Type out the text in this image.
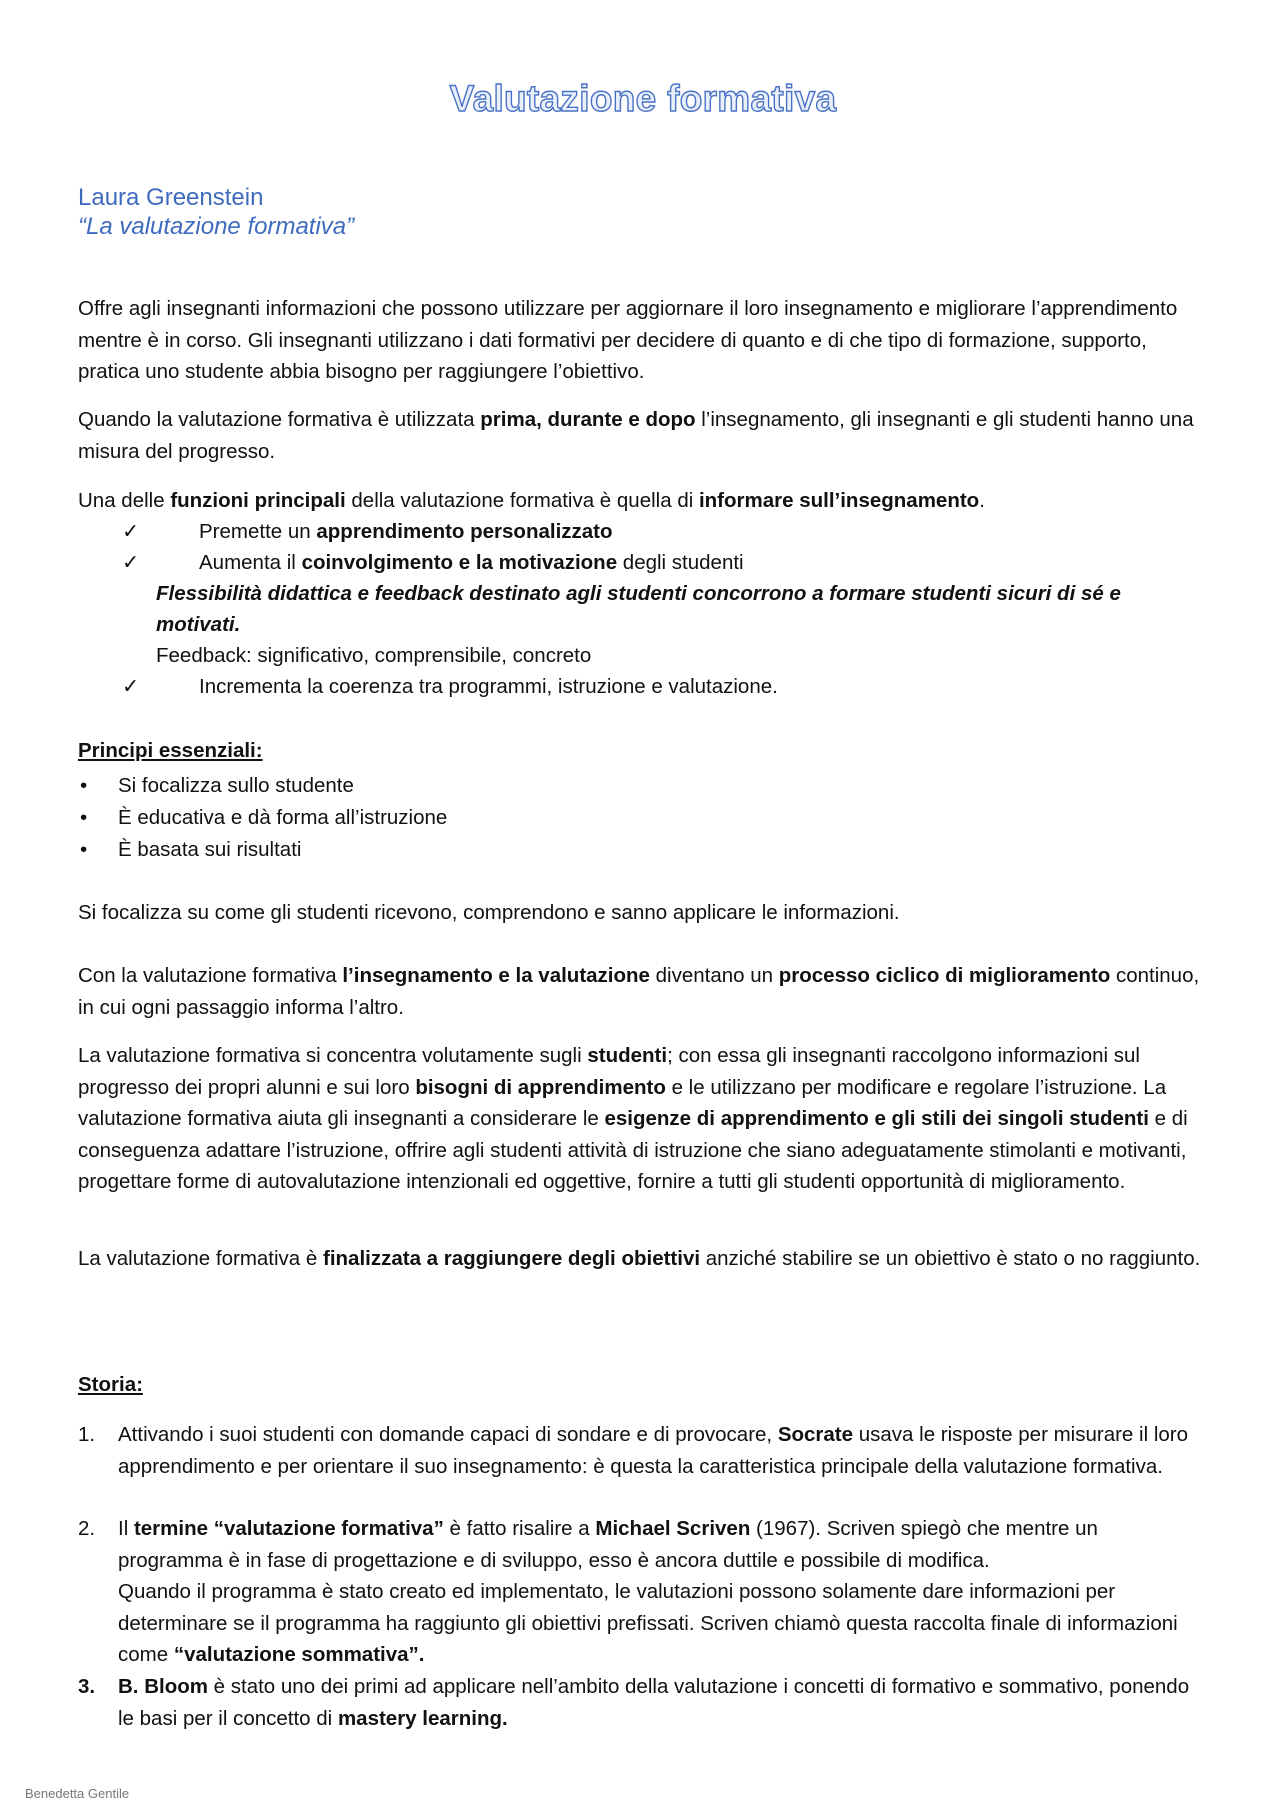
Valutazione formativa
Laura Greenstein
“La valutazione formativa”

Offre agli insegnanti informazioni che possono utilizzare per aggiornare il loro insegnamento e migliorare l’apprendimento mentre è in corso. Gli insegnanti utilizzano i dati formativi per decidere di quanto e di che tipo di formazione, supporto, pratica uno studente abbia bisogno per raggiungere l’obiettivo.

Quando la valutazione formativa è utilizzata prima, durante e dopo l’insegnamento, gli insegnanti e gli studenti hanno una misura del progresso.

Una delle funzioni principali della valutazione formativa è quella di informare sull’insegnamento.

✓	Premette un apprendimento personalizzato
✓	Aumenta il coinvolgimento e la motivazione degli studenti
Flessibilità didattica e feedback destinato agli studenti concorrono a formare studenti sicuri di sé e motivati.
Feedback: significativo, comprensibile, concreto
✓	Incrementa la coerenza tra programmi, istruzione e valutazione.
Principi essenziali:
• Si focalizza sullo studente
• È educativa e dà forma all’istruzione
• È basata sui risultati

Si focalizza su come gli studenti ricevono, comprendono e sanno applicare le informazioni.

Con la valutazione formativa l’insegnamento e la valutazione diventano un processo ciclico di miglioramento continuo, in cui ogni passaggio informa l’altro.

La valutazione formativa si concentra volutamente sugli studenti; con essa gli insegnanti raccolgono informazioni sul progresso dei propri alunni e sui loro bisogni di apprendimento e le utilizzano per modificare e regolare l’istruzione. La valutazione formativa aiuta gli insegnanti a considerare le esigenze di apprendimento e gli stili dei singoli studenti e di conseguenza adattare l’istruzione, offrire agli studenti attività di istruzione che siano adeguatamente stimolanti e motivanti, progettare forme di autovalutazione intenzionali ed oggettive, fornire a tutti gli studenti opportunità di miglioramento.

La valutazione formativa è finalizzata a raggiungere degli obiettivi anziché stabilire se un obiettivo è stato o no raggiunto.

Storia:
1. Attivando i suoi studenti con domande capaci di sondare e di provocare, Socrate usava le risposte per misurare il loro apprendimento e per orientare il suo insegnamento: è questa la caratteristica principale della valutazione formativa.
2. Il termine “valutazione formativa” è fatto risalire a Michael Scriven (1967). Scriven spiegò che mentre un programma è in fase di progettazione e di sviluppo, esso è ancora duttile e possibile di modifica.
Quando il programma è stato creato ed implementato, le valutazioni possono solamente dare informazioni per determinare se il programma ha raggiunto gli obiettivi prefissati. Scriven chiamò questa raccolta finale di informazioni come “valutazione sommativa”.
3. B. Bloom è stato uno dei primi ad applicare nell’ambito della valutazione i concetti di formativo e sommativo, ponendo le basi per il concetto di mastery learning.
Benedetta Gentile
